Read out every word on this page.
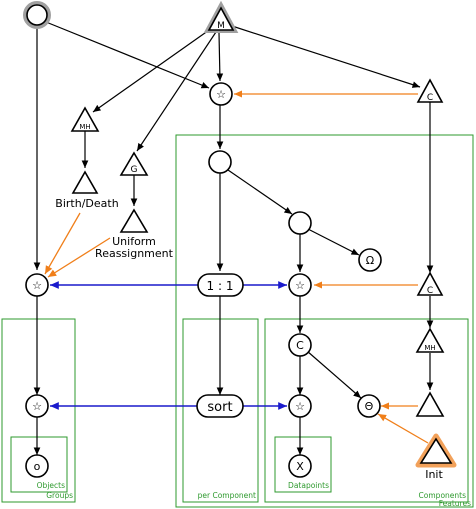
Features
Groups
Objects
per Component	Components
Datapoints
M
☆	C
MH
Birth/Death
G
Uniform
Reassignment
Ω
☆	1 : 1	☆	C
C	MH
☆	sort	☆	Θ
Init
o	X
